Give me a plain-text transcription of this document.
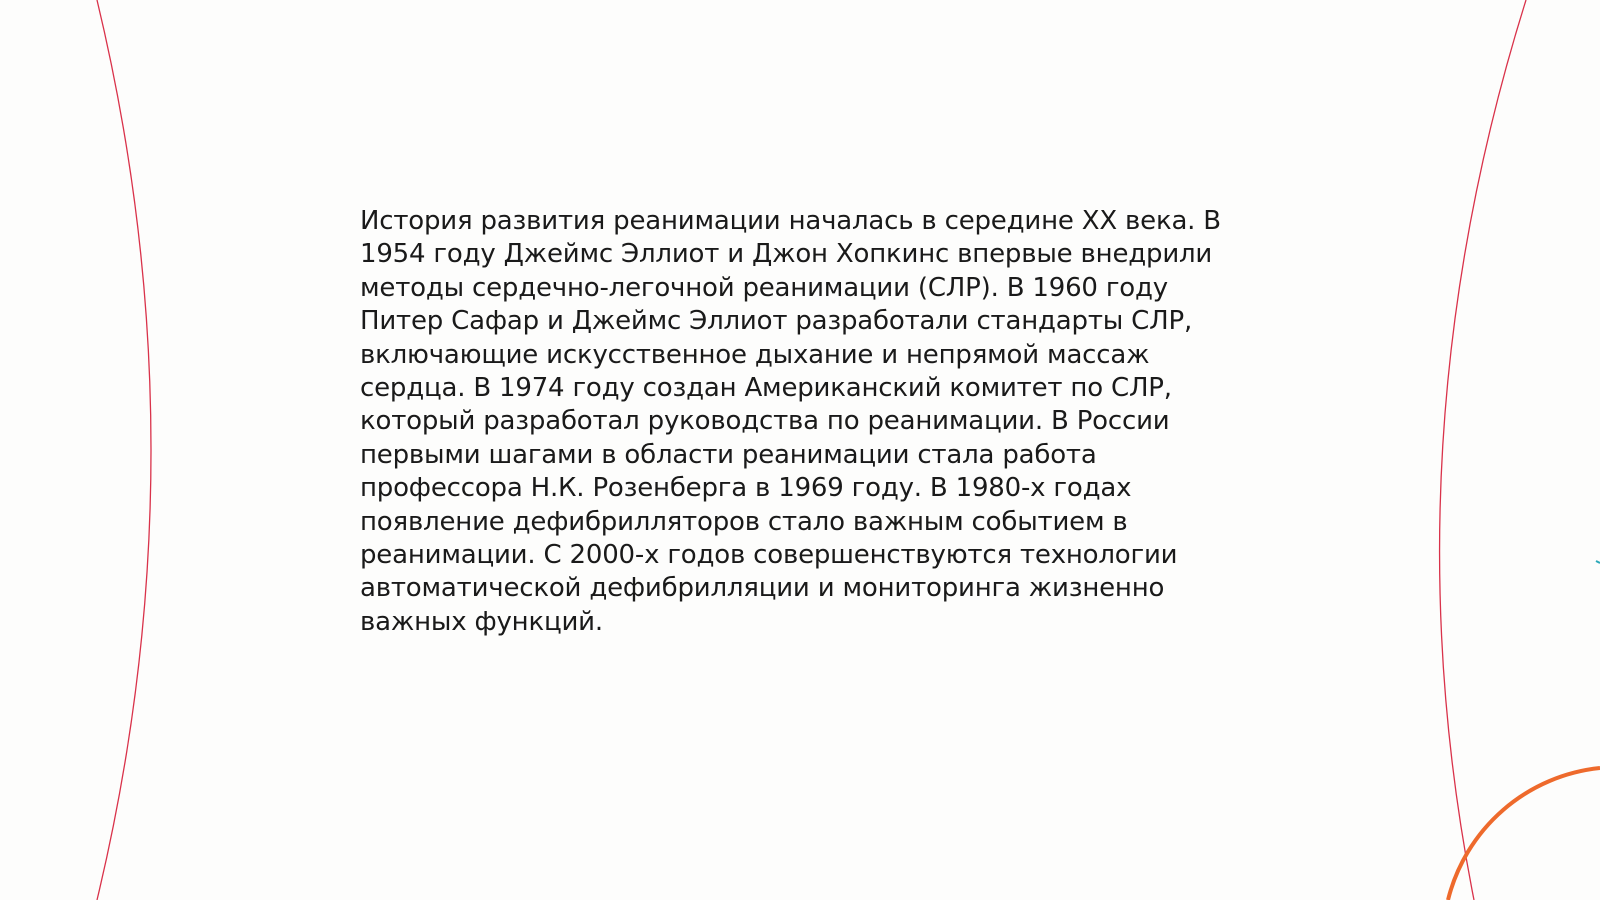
История развития реанимации началась в середине XX века. В
1954 году Джеймс Эллиот и Джон Хопкинс впервые внедрили
методы сердечно-легочной реанимации (СЛР). В 1960 году
Питер Сафар и Джеймс Эллиот разработали стандарты СЛР,
включающие искусственное дыхание и непрямой массаж
сердца. В 1974 году создан Американский комитет по СЛР,
который разработал руководства по реанимации. В России
первыми шагами в области реанимации стала работа
профессора Н.К. Розенберга в 1969 году. В 1980-х годах
появление дефибрилляторов стало важным событием в
реанимации. С 2000-х годов совершенствуются технологии
автоматической дефибрилляции и мониторинга жизненно
важных функций.
